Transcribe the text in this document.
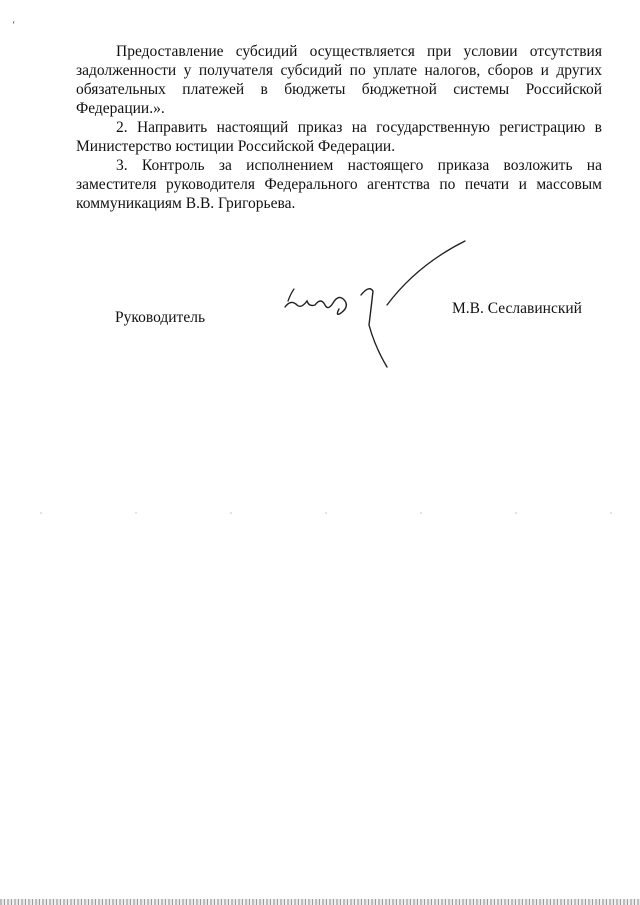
‘

Предоставление субсидий осуществляется при условии отсутствия задолженности у получателя субсидий по уплате налогов, сборов и других обязательных платежей в бюджеты бюджетной системы Российской Федерации.».

2. Направить настоящий приказ на государственную регистрацию в Министерство юстиции Российской Федерации.

3. Контроль за исполнением настоящего приказа возложить на заместителя руководителя Федерального агентства по печати и массовым коммуникациям В.В. Григорьева.

Руководитель
М.В. Сеславинский
